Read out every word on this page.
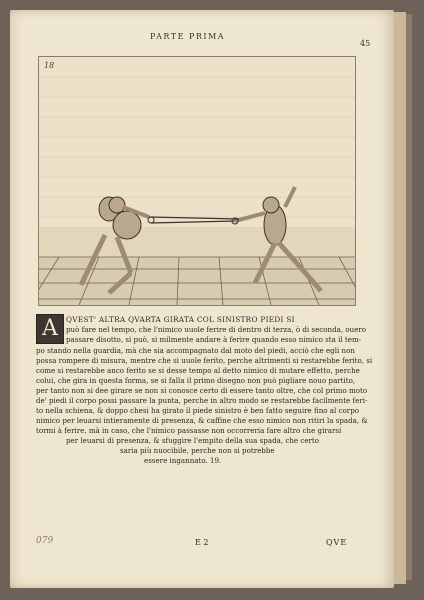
PARTE PRIMA
45
18
A	QVEST' ALTRA QVARTA GIRATA COL SINISTRO PIEDI SI
può fare nel tempo, che l'nimico uuole ferire di dentro di terza, ò di seconda, ouero
passare disotto, si può, si milmente andare à ferire quando esso nimico sta il tem-
po stando nella guardia, mà che sia accompagnato dal moto del piedi, acciò che egli non
possa rompere di misura, mentre che si uuole ferito, perche altrimenti si restarebbe ferito, si
come si restarebbe anco ferito se si desse tempo al detto nimico di mutare effetto, perche
colui, che gira in questa forma, se si falla il primo disegno non può pigliare nouo partito,
per tanto non si dee girare se non si conosce certo di essere tanto oltre, che col primo moto
de' piedi il corpo possi passare la punta, perche in altro modo se restarebbe facilmente feri-
to nella schiena, & doppo chesi ha girato il piede sinistro è ben fatto seguire fino al corpo
nimico per leuarsi intieramente di presenza, & caffine che esso nimico non ritiri la spada, &
tormi à ferire, mà in caso, che l'nimico passasse non occorreria fare altro che girarsi
per leuarsi di presenza, & sfuggire l'empito della sua spada, che certo
saria più nuocibile, perche non si potrebbe
essere ingannato. 19.
079	E 2	QVE
